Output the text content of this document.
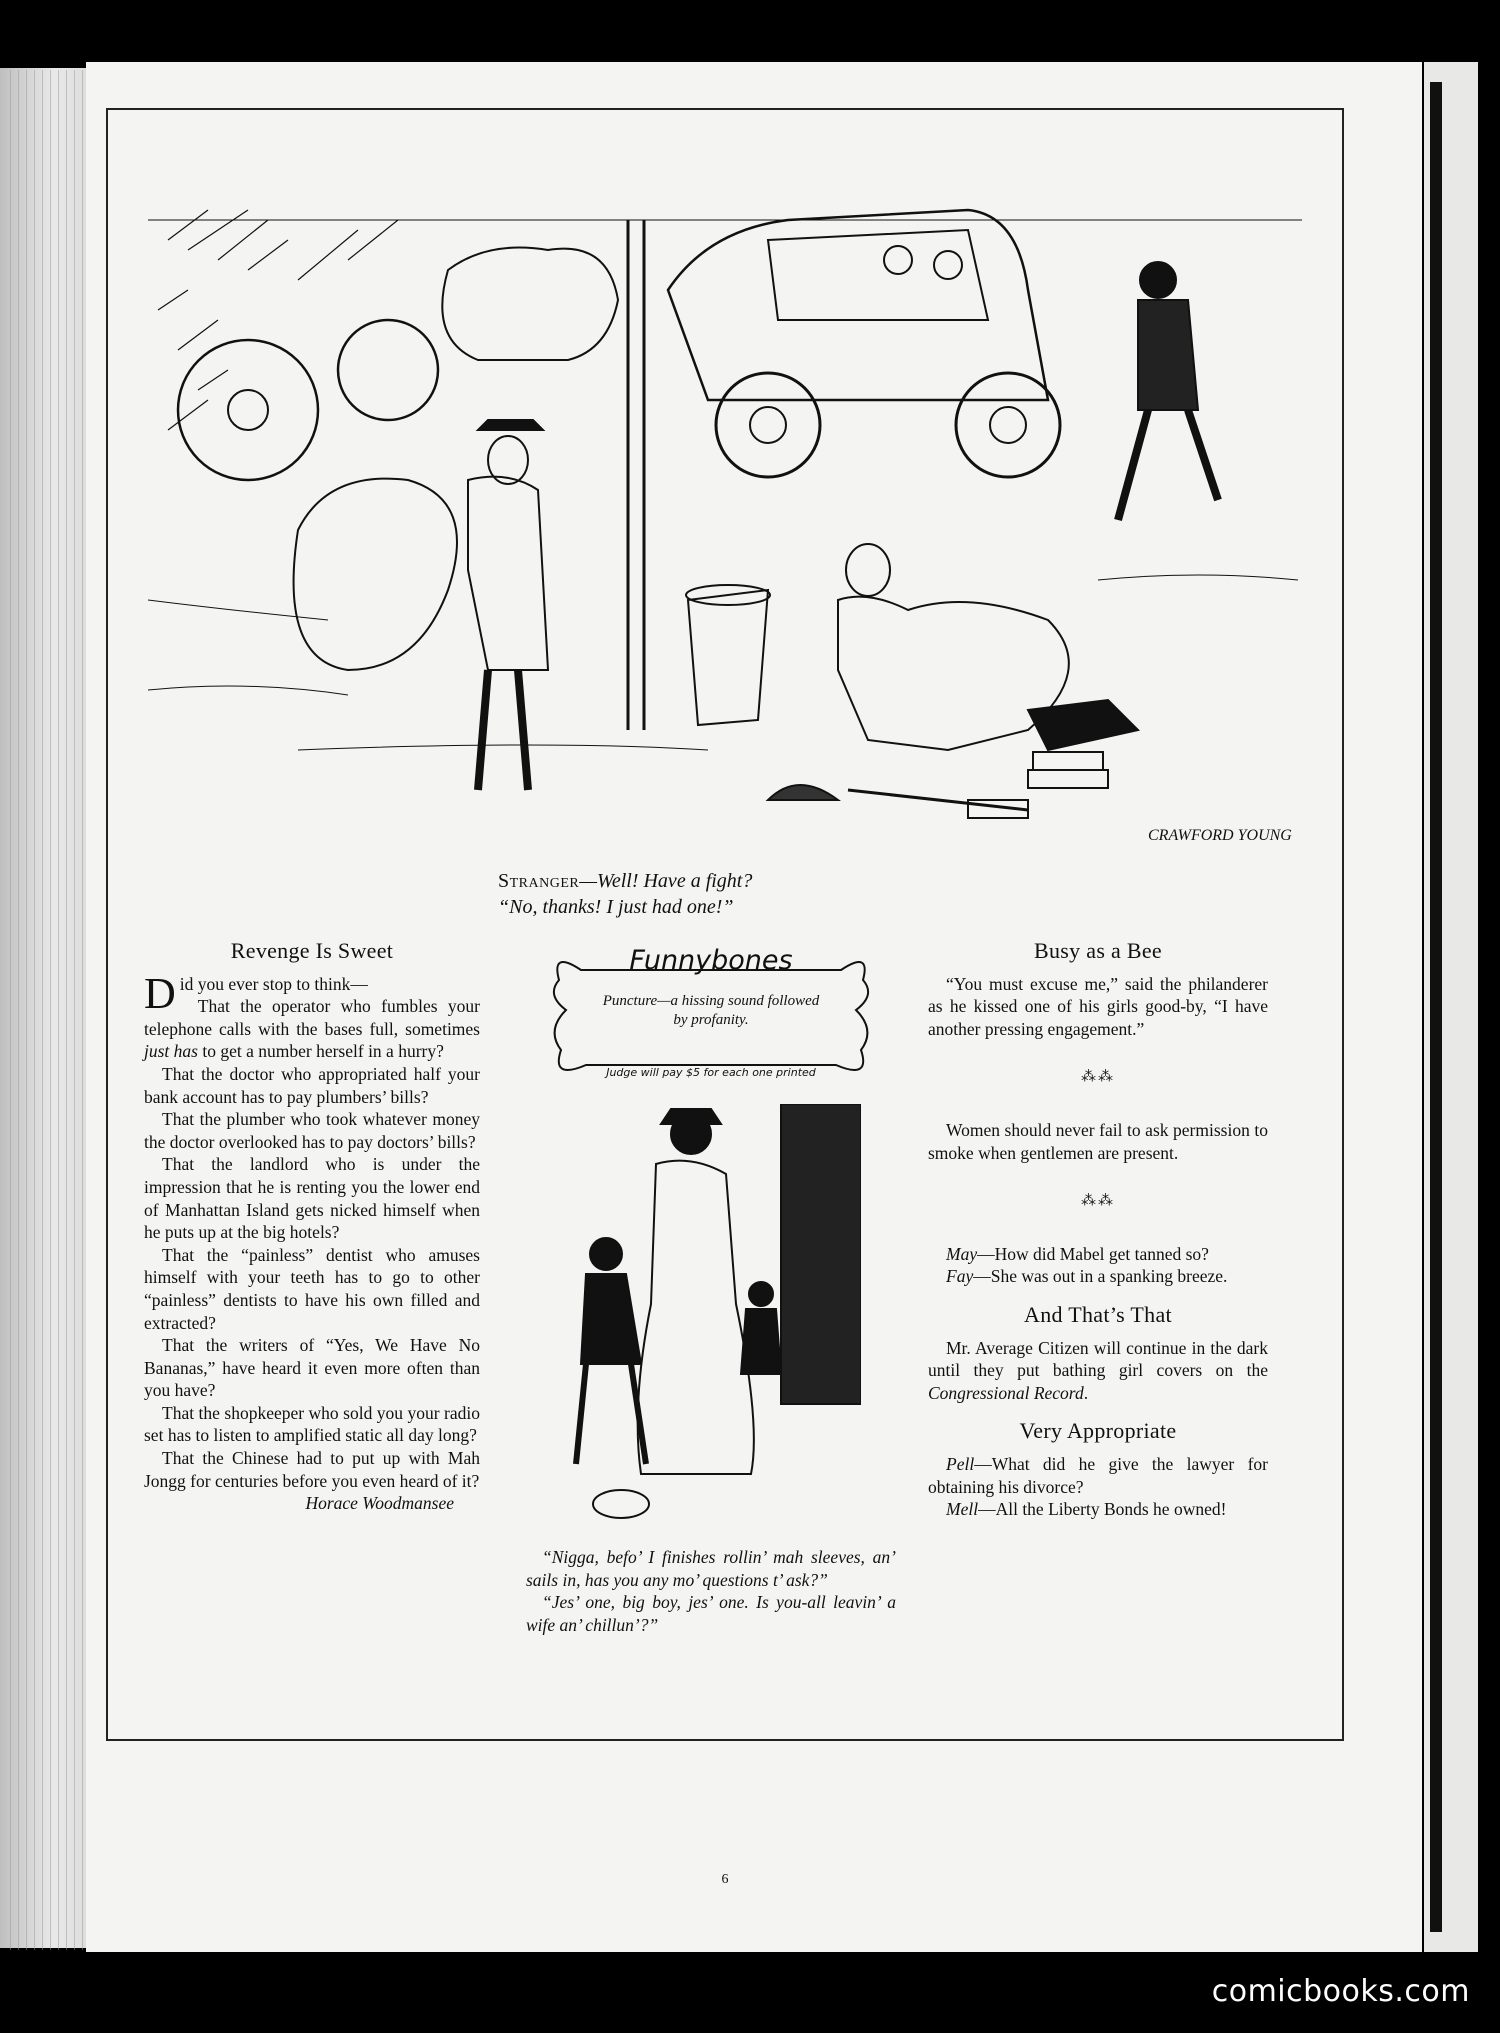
CRAWFORD YOUNG
Stranger—Well! Have a fight?
“No, thanks! I just had one!”
Revenge Is Sweet

Did you ever stop to think—

That the operator who fumbles your telephone calls with the bases full, sometimes just has to get a number herself in a hurry?

That the doctor who appropriated half your bank account has to pay plumbers’ bills?

That the plumber who took whatever money the doctor overlooked has to pay doctors’ bills?

That the landlord who is under the impression that he is renting you the lower end of Manhattan Island gets nicked himself when he puts up at the big hotels?

That the “painless” dentist who amuses himself with your teeth has to go to other “painless” dentists to have his own filled and extracted?

That the writers of “Yes, We Have No Bananas,” have heard it even more often than you have?

That the shopkeeper who sold you your radio set has to listen to amplified static all day long?

That the Chinese had to put up with Mah Jongg for centuries before you even heard of it?

Horace Woodmansee

Funnybones
Puncture—a hissing sound followed by profanity.
Judge will pay $5 for each one printed

“Nigga, befo’ I finishes rollin’ mah sleeves, an’ sails in, has you any mo’ questions t’ ask?”

“Jes’ one, big boy, jes’ one. Is you-all leavin’ a wife an’ chillun’?”

Busy as a Bee

“You must excuse me,” said the philanderer as he kissed one of his girls good-by, “I have another pressing engagement.”

⁂⁂

Women should never fail to ask permission to smoke when gentlemen are present.

⁂⁂

May—How did Mabel get tanned so?

Fay—She was out in a spanking breeze.

And That’s That

Mr. Average Citizen will continue in the dark until they put bathing girl covers on the Congressional Record.

Very Appropriate

Pell—What did he give the lawyer for obtaining his divorce?

Mell—All the Liberty Bonds he owned!

6
comicbooks.com
